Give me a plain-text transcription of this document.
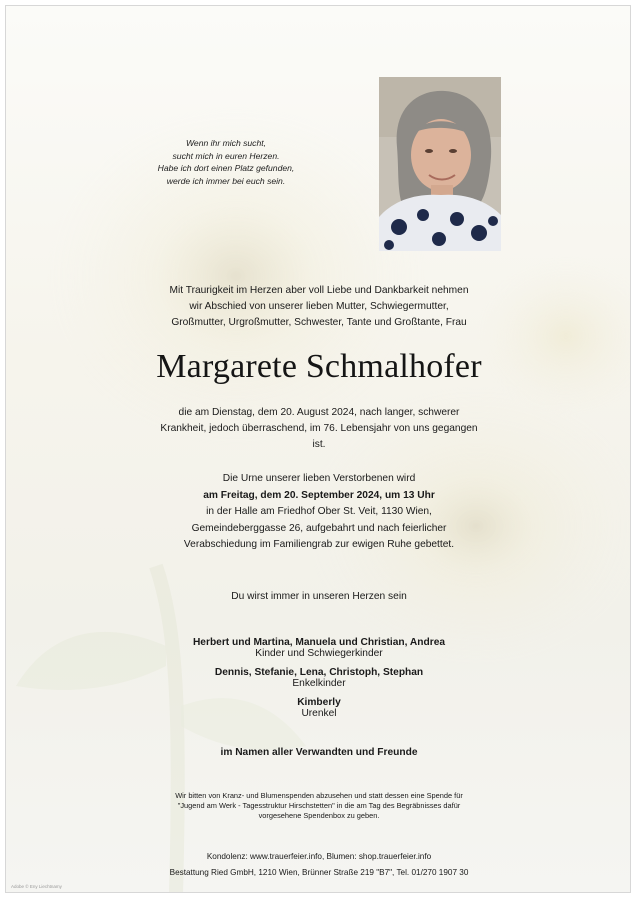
Wenn ihr mich sucht,
sucht mich in euren Herzen.
Habe ich dort einen Platz gefunden,
werde ich immer bei euch sein.
Mit Traurigkeit im Herzen aber voll Liebe und Dankbarkeit nehmen
wir Abschied von unserer lieben Mutter, Schwiegermutter,
Großmutter, Urgroßmutter, Schwester, Tante und Großtante, Frau
Margarete Schmalhofer
die am Dienstag, dem 20. August 2024, nach langer, schwerer
Krankheit, jedoch überraschend, im 76. Lebensjahr von uns gegangen
ist.
Die Urne unserer lieben Verstorbenen wird
am Freitag, dem 20. September 2024, um 13 Uhr
in der Halle am Friedhof Ober St. Veit, 1130 Wien,
Gemeindeberggasse 26, aufgebahrt und nach feierlicher
Verabschiedung im Familiengrab zur ewigen Ruhe gebettet.
Du wirst immer in unseren Herzen sein
Herbert und Martina, Manuela und Christian, Andrea
Kinder und Schwiegerkinder
Dennis, Stefanie, Lena, Christoph, Stephan
Enkelkinder
Kimberly
Urenkel
im Namen aller Verwandten und Freunde
Wir bitten von Kranz- und Blumenspenden abzusehen und statt dessen eine Spende für
"Jugend am Werk - Tagesstruktur Hirschstetten" in die am Tag des Begräbnisses dafür
vorgesehene Spendenbox zu geben.
Kondolenz: www.trauerfeier.info, Blumen: shop.trauerfeier.info
Bestattung Ried GmbH, 1210 Wien, Brünner Straße 219 "B7", Tel. 01/270 1907 30
Adobe © Eny Liechtnamy
